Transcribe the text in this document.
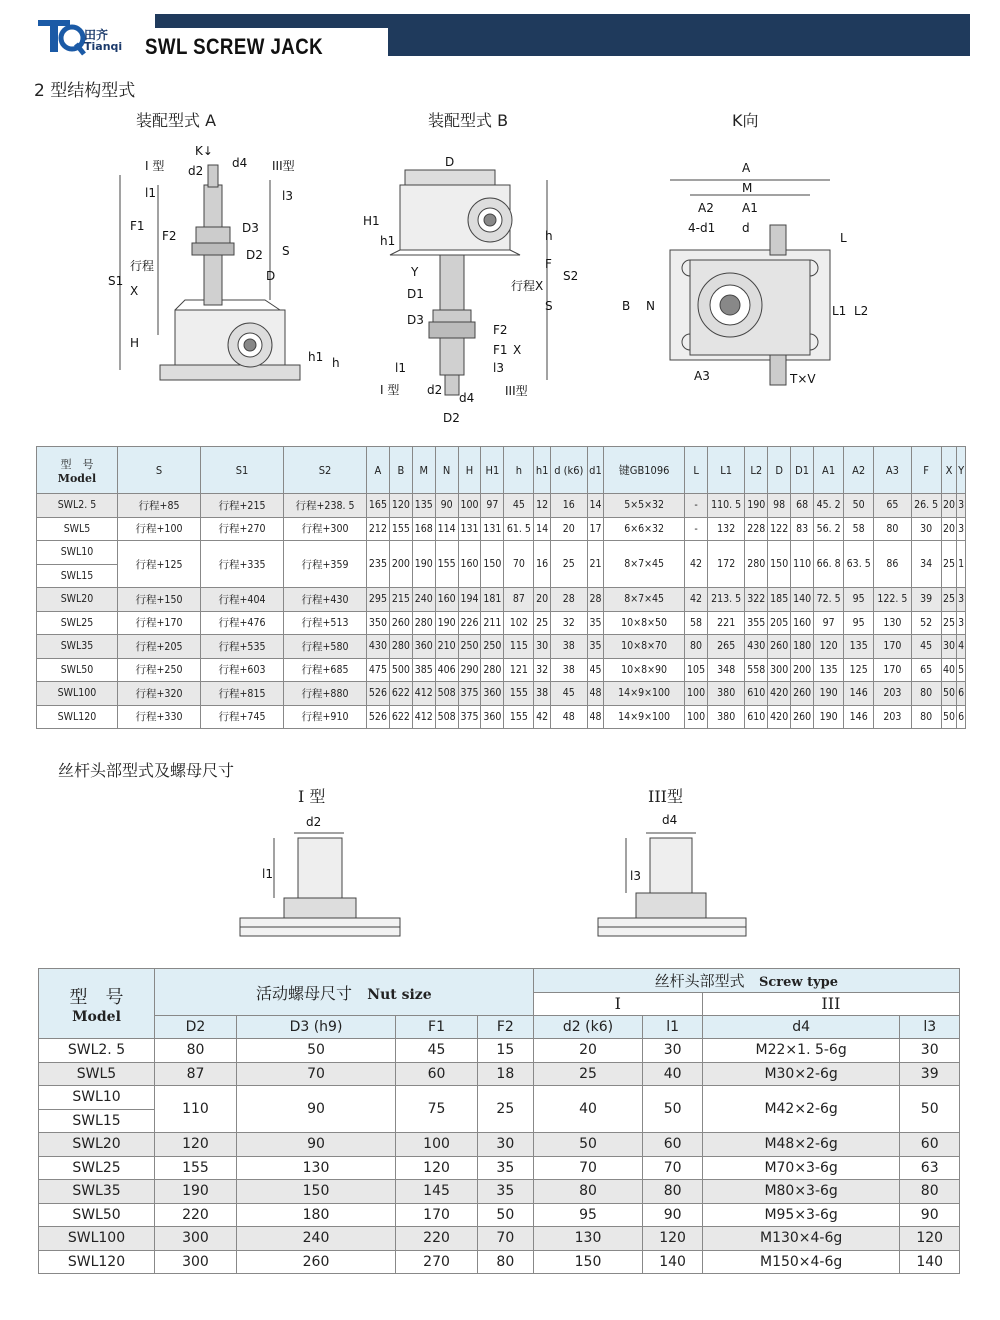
田齐
Tianqi SWL SCREW JACK
2 型结构型式
装配型式 A	装配型式 B	K向
K↓
I 型	III型
d2
d4
l3
l1
F1
F2
行程
S1
S
D3
D2
D
H
h1 h
X
D
H1
h1	h
F
Y
D1
D3
F2
行程X
S
S2
F1
l3
X
l1
I 型 d2
d4
D2
III型
A
M
A2 A1
4-d1 d
L
B N	L1 L2
A3	T×V
型　号
Model	S	S1	S2	A	B	M	N	H	H1	h	h1	d (k6)	d1	键GB1096	L	L1	L2	D	D1	A1	A2	A3	F	X	Y
SWL2. 5	行程+85	行程+215	行程+238. 5	165	120	135	90	100	97	45	12	16	14	5×5×32	-	110. 5	190	98	68	45. 2	50	65	26. 5	20	3
SWL5	行程+100	行程+270	行程+300	212	155	168	114	131	131	61. 5	14	20	17	6×6×32	-	132	228	122	83	56. 2	58	80	30	20	3
SWL10	行程+125	行程+335	行程+359	235	200	190	155	160	150	70	16	25	21	8×7×45	42	172	280	150	110	66. 8	63. 5	86	34	25	1
SWL15																									
SWL20	行程+150	行程+404	行程+430	295	215	240	160	194	181	87	20	28	28	8×7×45	42	213. 5	322	185	140	72. 5	95	122. 5	39	25	3
SWL25	行程+170	行程+476	行程+513	350	260	280	190	226	211	102	25	32	35	10×8×50	58	221	355	205	160	97	95	130	52	25	3
SWL35	行程+205	行程+535	行程+580	430	280	360	210	250	250	115	30	38	35	10×8×70	80	265	430	260	180	120	135	170	45	30	4
SWL50	行程+250	行程+603	行程+685	475	500	385	406	290	280	121	32	38	45	10×8×90	105	348	558	300	200	135	125	170	65	40	5
SWL100	行程+320	行程+815	行程+880	526	622	412	508	375	360	155	38	45	48	14×9×100	100	380	610	420	260	190	146	203	80	50	6
SWL120	行程+330	行程+745	行程+910	526	622	412	508	375	360	155	42	48	48	14×9×100	100	380	610	420	260	190	146	203	80	50	6
丝杆头部型式及螺母尺寸
I 型	III型
d2
l1
d4
l3
型　号
Model	活动螺母尺寸 Nut size				丝杆头部型式 Screw type			
					I		III	
	D2	D3 (h9)	F1	F2	d2 (k6)	l1	d4	l3
SWL2. 5	80	50	45	15	20	30	M22×1. 5-6g	30
SWL5	87	70	60	18	25	40	M30×2-6g	39
SWL10	110	90	75	25	40	50	M42×2-6g	50
SWL15								
SWL20	120	90	100	30	50	60	M48×2-6g	60
SWL25	155	130	120	35	70	70	M70×3-6g	63
SWL35	190	150	145	35	80	80	M80×3-6g	80
SWL50	220	180	170	50	95	90	M95×3-6g	90
SWL100	300	240	220	70	130	120	M130×4-6g	120
SWL120	300	260	270	80	150	140	M150×4-6g	140
